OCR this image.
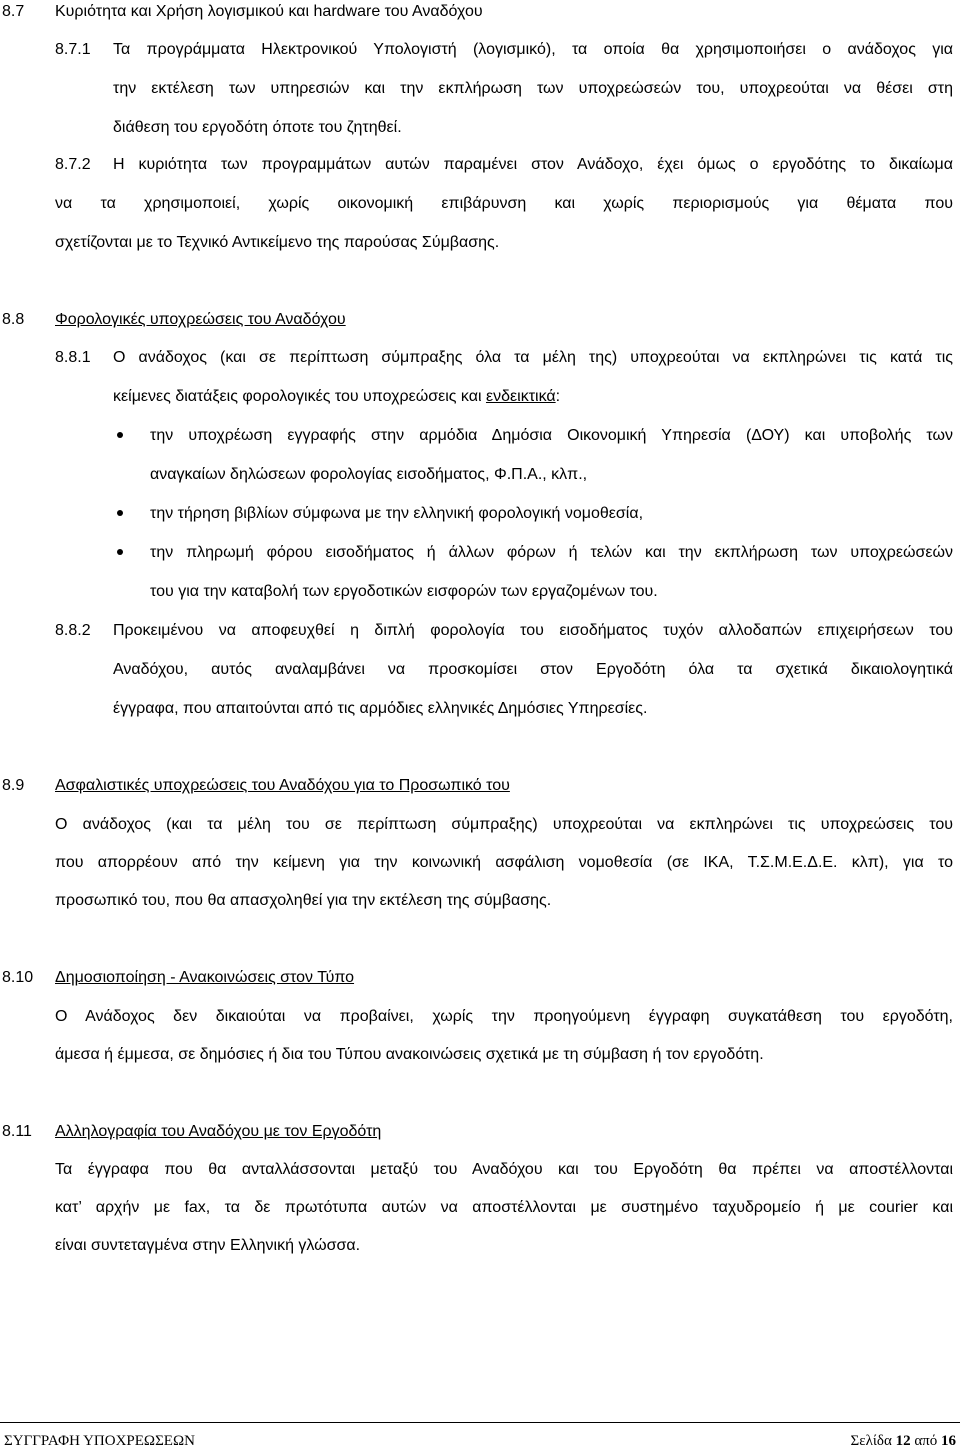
8.7 Κυριότητα και Χρήση λογισμικού και hardware του Αναδόχου
8.7.1 Τα προγράμματα Ηλεκτρονικού Υπολογιστή (λογισμικό), τα οποία θα χρησιμοποιήσει ο ανάδοχος για
την εκτέλεση των υπηρεσιών και την εκπλήρωση των υποχρεώσεών του, υποχρεούται να θέσει στη
διάθεση του εργοδότη όποτε του ζητηθεί.
8.7.2 Η κυριότητα των προγραμμάτων αυτών παραμένει στον Ανάδοχο, έχει όμως ο εργοδότης το δικαίωμα
να τα χρησιμοποιεί, χωρίς οικονομική επιβάρυνση και χωρίς περιορισμούς για θέματα που
σχετίζονται με το Τεχνικό Αντικείμενο της παρούσας Σύμβασης.
8.8 Φορολογικές υποχρεώσεις του Αναδόχου
8.8.1 Ο ανάδοχος (και σε περίπτωση σύμπραξης όλα τα μέλη της) υποχρεούται να εκπληρώνει τις κατά τις
κείμενες διατάξεις φορολογικές του υποχρεώσεις και ενδεικτικά:
την υποχρέωση εγγραφής στην αρμόδια Δημόσια Οικονομική Υπηρεσία (ΔΟΥ) και υποβολής των
αναγκαίων δηλώσεων φορολογίας εισοδήματος, Φ.Π.Α., κλπ.,
την τήρηση βιβλίων σύμφωνα με την ελληνική φορολογική νομοθεσία,
την πληρωμή φόρου εισοδήματος ή άλλων φόρων ή τελών και την εκπλήρωση των υποχρεώσεών
του για την καταβολή των εργοδοτικών εισφορών των εργαζομένων του.
8.8.2 Προκειμένου να αποφευχθεί η διπλή φορολογία του εισοδήματος τυχόν αλλοδαπών επιχειρήσεων του
Αναδόχου, αυτός αναλαμβάνει να προσκομίσει στον Εργοδότη όλα τα σχετικά δικαιολογητικά
έγγραφα, που απαιτούνται από τις αρμόδιες ελληνικές Δημόσιες Υπηρεσίες.
8.9 Ασφαλιστικές υποχρεώσεις του Αναδόχου για το Προσωπικό του
Ο ανάδοχος (και τα μέλη του σε περίπτωση σύμπραξης) υποχρεούται να εκπληρώνει τις υποχρεώσεις του
που απορρέουν από την κείμενη για την κοινωνική ασφάλιση νομοθεσία (σε ΙΚΑ, Τ.Σ.Μ.Ε.Δ.Ε. κλπ), για το
προσωπικό του, που θα απασχοληθεί για την εκτέλεση της σύμβασης.
8.10 Δημοσιοποίηση - Ανακοινώσεις στον Τύπο
Ο Ανάδοχος δεν δικαιούται να προβαίνει, χωρίς την προηγούμενη έγγραφη συγκατάθεση του εργοδότη,
άμεσα ή έμμεσα, σε δημόσιες ή δια του Τύπου ανακοινώσεις σχετικά με τη σύμβαση ή τον εργοδότη.
8.11 Αλληλογραφία του Αναδόχου με τον Εργοδότη
Τα έγγραφα που θα ανταλλάσσονται μεταξύ του Αναδόχου και του Εργοδότη θα πρέπει να αποστέλλονται
κατ’ αρχήν με fax, τα δε πρωτότυπα αυτών να αποστέλλονται με συστημένο ταχυδρομείο ή με courier και
είναι συντεταγμένα στην Ελληνική γλώσσα.
ΣΥΓΓΡΑΦΗ ΥΠΟΧΡΕΩΣΕΩΝ	Σελίδα 12 από 16
